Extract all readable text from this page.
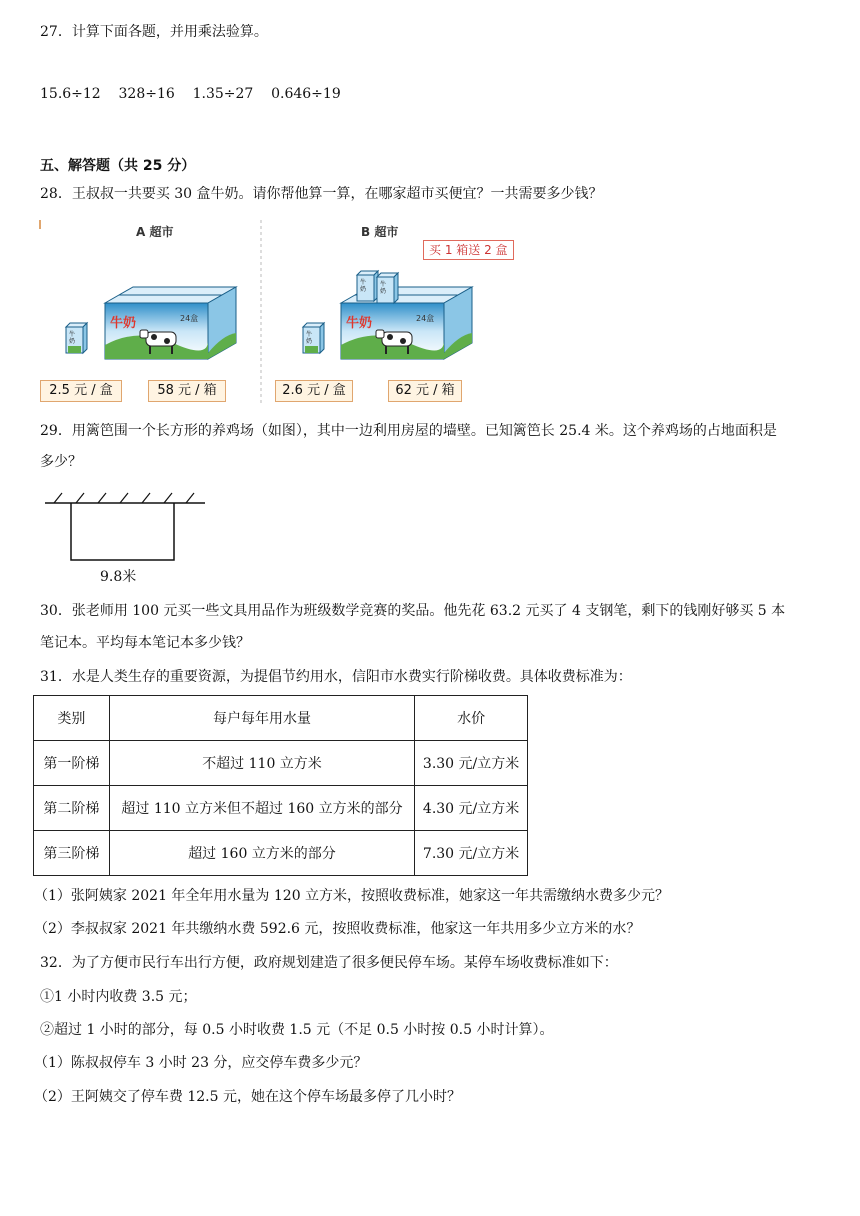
27．计算下面各题，并用乘法验算。
15.6÷12    328÷16    1.35÷27    0.646÷19
五、解答题（共 25 分）
28．王叔叔一共要买 30 盒牛奶。请你帮他算一算，在哪家超市买便宜？一共需要多少钱？
牛奶	24盒
牛
奶
牛奶	24盒
牛
奶
牛
奶
牛
奶
A 超市	B 超市
买 1 箱送 2 盒
2.5 元 / 盒	58 元 / 箱	2.6 元 / 盒	62 元 / 箱
29．用篱笆围一个长方形的养鸡场（如图），其中一边利用房屋的墙壁。已知篱笆长 25.4 米。这个养鸡场的占地面积是
多少？
9.8米
30．张老师用 100 元买一些文具用品作为班级数学竞赛的奖品。他先花 63.2 元买了 4 支钢笔，剩下的钱刚好够买 5 本
笔记本。平均每本笔记本多少钱？
31．水是人类生存的重要资源，为提倡节约用水，信阳市水费实行阶梯收费。具体收费标准为：
类别	每户每年用水量	水价
第一阶梯	不超过 110 立方米	3.30 元/立方米
第二阶梯	超过 110 立方米但不超过 160 立方米的部分	4.30 元/立方米
第三阶梯	超过 160 立方米的部分	7.30 元/立方米
（1）张阿姨家 2021 年全年用水量为 120 立方米，按照收费标准，她家这一年共需缴纳水费多少元？
（2）李叔叔家 2021 年共缴纳水费 592.6 元，按照收费标准，他家这一年共用多少立方米的水？
32．为了方便市民行车出行方便，政府规划建造了很多便民停车场。某停车场收费标准如下：
①1 小时内收费 3.5 元；
②超过 1 小时的部分，每 0.5 小时收费 1.5 元（不足 0.5 小时按 0.5 小时计算）。
（1）陈叔叔停车 3 小时 23 分，应交停车费多少元？
（2）王阿姨交了停车费 12.5 元，她在这个停车场最多停了几小时？
